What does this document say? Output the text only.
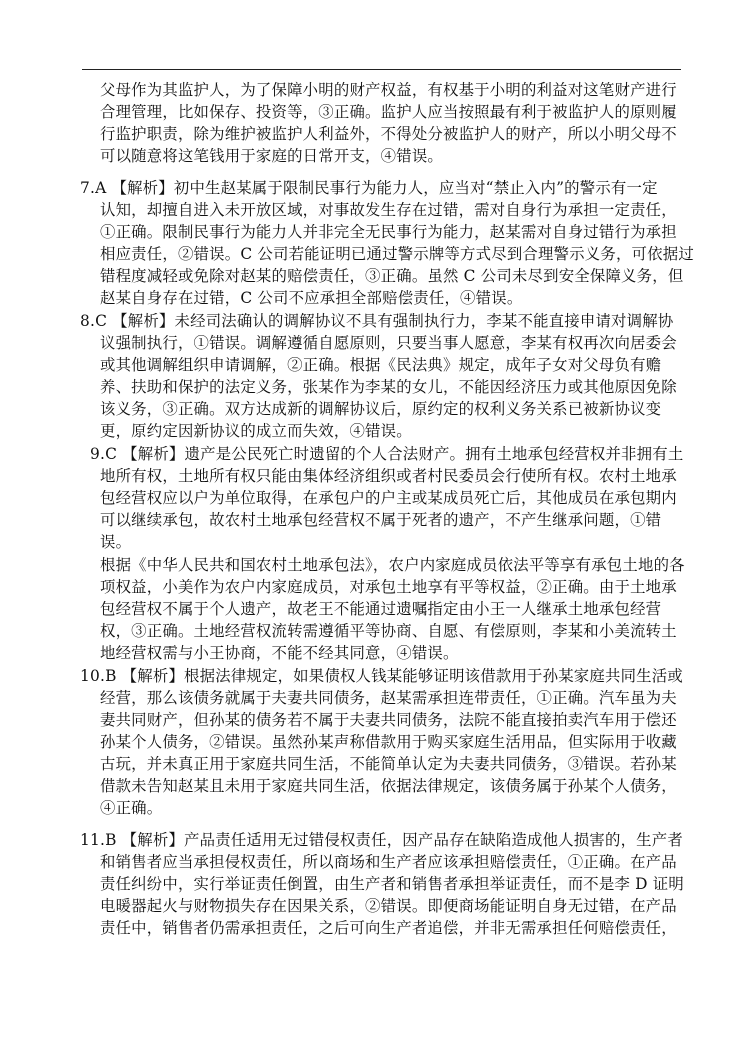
父母作为其监护人，为了保障小明的财产权益，有权基于小明的利益对这笔财产进行
合理管理，比如保存、投资等，③正确。监护人应当按照最有利于被监护人的原则履
行监护职责，除为维护被监护人利益外，不得处分被监护人的财产，所以小明父母不
可以随意将这笔钱用于家庭的日常开支，④错误。
7.A 【解析】初中生赵某属于限制民事行为能力人，应当对“禁止入内”的警示有一定
认知，却擅自进入未开放区域，对事故发生存在过错，需对自身行为承担一定责任，
①正确。限制民事行为能力人并非完全无民事行为能力，赵某需对自身过错行为承担
相应责任，②错误。C 公司若能证明已通过警示牌等方式尽到合理警示义务，可依据过
错程度减轻或免除对赵某的赔偿责任，③正确。虽然 C 公司未尽到安全保障义务，但
赵某自身存在过错，C 公司不应承担全部赔偿责任，④错误。
8.C 【解析】未经司法确认的调解协议不具有强制执行力，李某不能直接申请对调解协
议强制执行，①错误。调解遵循自愿原则，只要当事人愿意，李某有权再次向居委会
或其他调解组织申请调解，②正确。根据《民法典》规定，成年子女对父母负有赡
养、扶助和保护的法定义务，张某作为李某的女儿，不能因经济压力或其他原因免除
该义务，③正确。双方达成新的调解协议后，原约定的权利义务关系已被新协议变
更，原约定因新协议的成立而失效，④错误。
9.C 【解析】遗产是公民死亡时遗留的个人合法财产。拥有土地承包经营权并非拥有土
地所有权，土地所有权只能由集体经济组织或者村民委员会行使所有权。农村土地承
包经营权应以户为单位取得，在承包户的户主或某成员死亡后，其他成员在承包期内
可以继续承包，故农村土地承包经营权不属于死者的遗产，不产生继承问题，①错
误。
根据《中华人民共和国农村土地承包法》，农户内家庭成员依法平等享有承包土地的各
项权益，小美作为农户内家庭成员，对承包土地享有平等权益，②正确。由于土地承
包经营权不属于个人遗产，故老王不能通过遗嘱指定由小王一人继承土地承包经营
权，③正确。土地经营权流转需遵循平等协商、自愿、有偿原则，李某和小美流转土
地经营权需与小王协商，不能不经其同意，④错误。
10.B 【解析】根据法律规定，如果债权人钱某能够证明该借款用于孙某家庭共同生活或
经营，那么该债务就属于夫妻共同债务，赵某需承担连带责任，①正确。汽车虽为夫
妻共同财产，但孙某的债务若不属于夫妻共同债务，法院不能直接拍卖汽车用于偿还
孙某个人债务，②错误。虽然孙某声称借款用于购买家庭生活用品，但实际用于收藏
古玩，并未真正用于家庭共同生活，不能简单认定为夫妻共同债务，③错误。若孙某
借款未告知赵某且未用于家庭共同生活，依据法律规定，该债务属于孙某个人债务，
④正确。
11.B 【解析】产品责任适用无过错侵权责任，因产品存在缺陷造成他人损害的，生产者
和销售者应当承担侵权责任，所以商场和生产者应该承担赔偿责任，①正确。在产品
责任纠纷中，实行举证责任倒置，由生产者和销售者承担举证责任，而不是李 D 证明
电暖器起火与财物损失存在因果关系，②错误。即便商场能证明自身无过错，在产品
责任中，销售者仍需承担责任，之后可向生产者追偿，并非无需承担任何赔偿责任，
